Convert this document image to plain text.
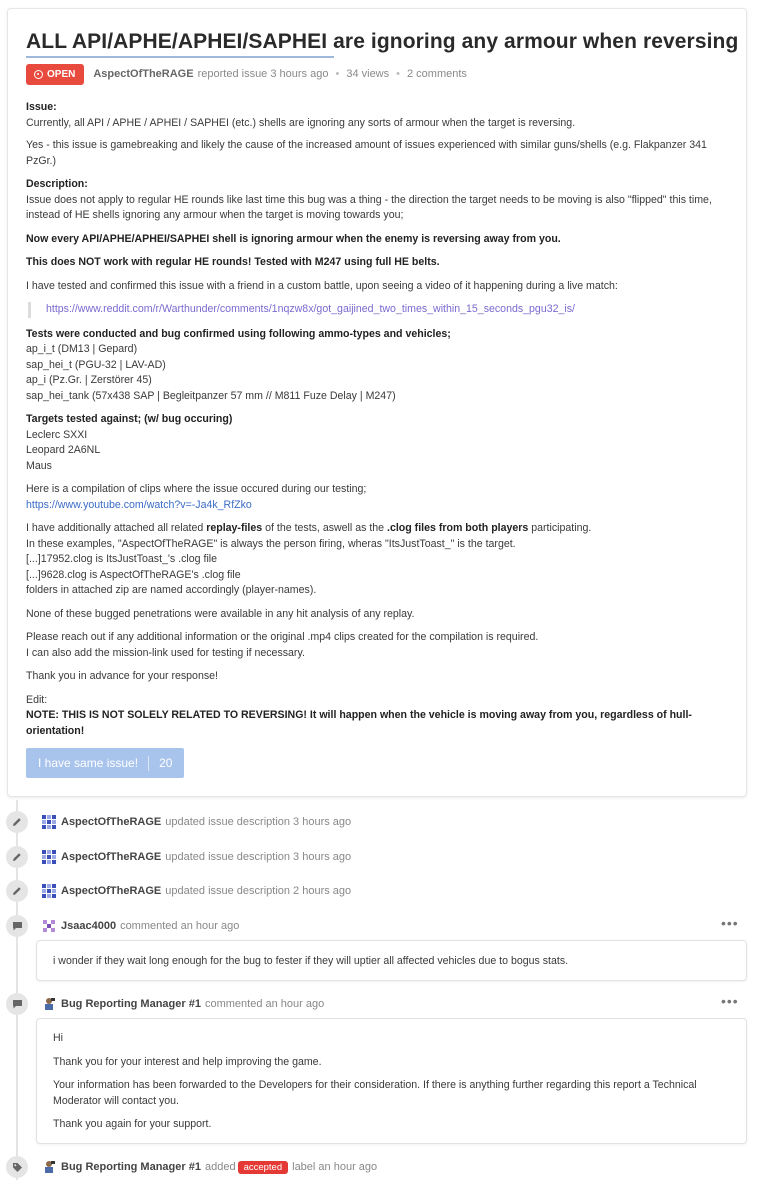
ALL API/APHE/APHEI/SAPHEI are ignoring any armour when reversing
OPEN AspectOfTheRAGE reported issue 3 hours ago • 34 views • 2 comments

Issue:
Currently, all API / APHE / APHEI / SAPHEI (etc.) shells are ignoring any sorts of armour when the target is reversing.

Yes - this issue is gamebreaking and likely the cause of the increased amount of issues experienced with similar guns/shells (e.g. Flakpanzer 341 PzGr.)

Description:
Issue does not apply to regular HE rounds like last time this bug was a thing - the direction the target needs to be moving is also "flipped" this time, instead of HE shells ignoring any armour when the target is moving towards you;

Now every API/APHE/APHEI/SAPHEI shell is ignoring armour when the enemy is reversing away from you.

This does NOT work with regular HE rounds! Tested with M247 using full HE belts.

I have tested and confirmed this issue with a friend in a custom battle, upon seeing a video of it happening during a live match:

https://www.reddit.com/r/Warthunder/comments/1nqzw8x/got_gaijined_two_times_within_15_seconds_pgu32_is/

Tests were conducted and bug confirmed using following ammo-types and vehicles;
ap_i_t (DM13 | Gepard)
sap_hei_t (PGU-32 | LAV-AD)
ap_i (Pz.Gr. | Zerstörer 45)
sap_hei_tank (57x438 SAP | Begleitpanzer 57 mm // M811 Fuze Delay | M247)

Targets tested against; (w/ bug occuring)
Leclerc SXXI
Leopard 2A6NL
Maus

Here is a compilation of clips where the issue occured during our testing;
https://www.youtube.com/watch?v=-Ja4k_RfZko

I have additionally attached all related replay-files of the tests, aswell as the .clog files from both players participating.
In these examples, "AspectOfTheRAGE" is always the person firing, wheras "ItsJustToast_" is the target.
[...]17952.clog is ItsJustToast_'s .clog file
[...]9628.clog is AspectOfTheRAGE's .clog file
folders in attached zip are named accordingly (player-names).

None of these bugged penetrations were available in any hit analysis of any replay.

Please reach out if any additional information or the original .mp4 clips created for the compilation is required.
I can also add the mission-link used for testing if necessary.

Thank you in advance for your response!

Edit:
NOTE: THIS IS NOT SOLELY RELATED TO REVERSING! It will happen when the vehicle is moving away from you, regardless of hull-orientation!

I have same issue!	20
AspectOfTheRAGE updated issue description 3 hours ago
AspectOfTheRAGE updated issue description 3 hours ago
AspectOfTheRAGE updated issue description 2 hours ago
Jsaac4000 commented an hour ago	•••
i wonder if they wait long enough for the bug to fester if they will uptier all affected vehicles due to bogus stats.
Bug Reporting Manager #1 commented an hour ago	•••

Hi

Thank you for your interest and help improving the game.

Your information has been forwarded to the Developers for their consideration. If there is anything further regarding this report a Technical Moderator will contact you.

Thank you again for your support.

Bug Reporting Manager #1 added accepted label an hour ago
